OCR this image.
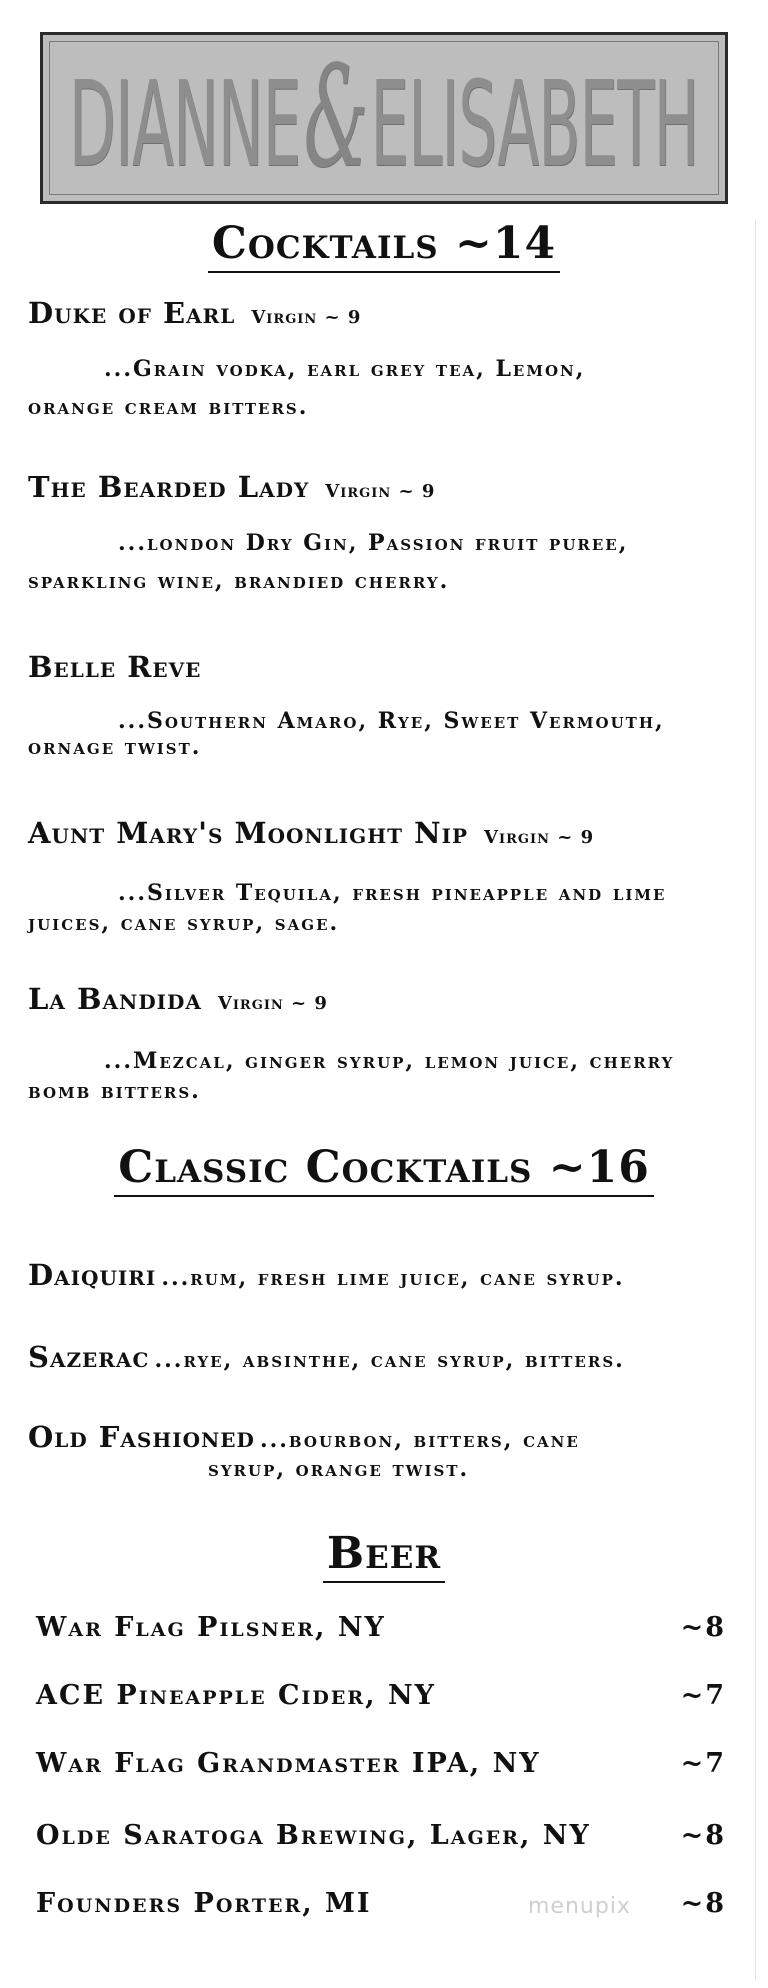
DIANNE&ELISABETH
Cocktails ~14
Duke of Earl Virgin ~ 9
...Grain vodka, earl grey tea, Lemon,
orange cream bitters.
The Bearded Lady Virgin ~ 9
...london Dry Gin, Passion fruit puree,
sparkling wine, brandied cherry.
Belle Reve
...Southern Amaro, Rye, Sweet Vermouth,
ornage twist.
Aunt Mary's Moonlight Nip Virgin ~ 9
...Silver Tequila, fresh pineapple and lime
juices, cane syrup, sage.
La Bandida Virgin ~ 9
...Mezcal, ginger syrup, lemon juice, cherry
bomb bitters.
Classic Cocktails ~16
Daiquiri ...rum, fresh lime juice, cane syrup.
Sazerac ...rye, absinthe, cane syrup, bitters.
Old Fashioned ...bourbon, bitters, cane
syrup, orange twist.
Beer
War Flag Pilsner, NY	~8
ACE Pineapple Cider, NY	~7
War Flag Grandmaster IPA, NY	~7
Olde Saratoga Brewing, Lager, NY	~8
Founders Porter, MI	~8
menupix
